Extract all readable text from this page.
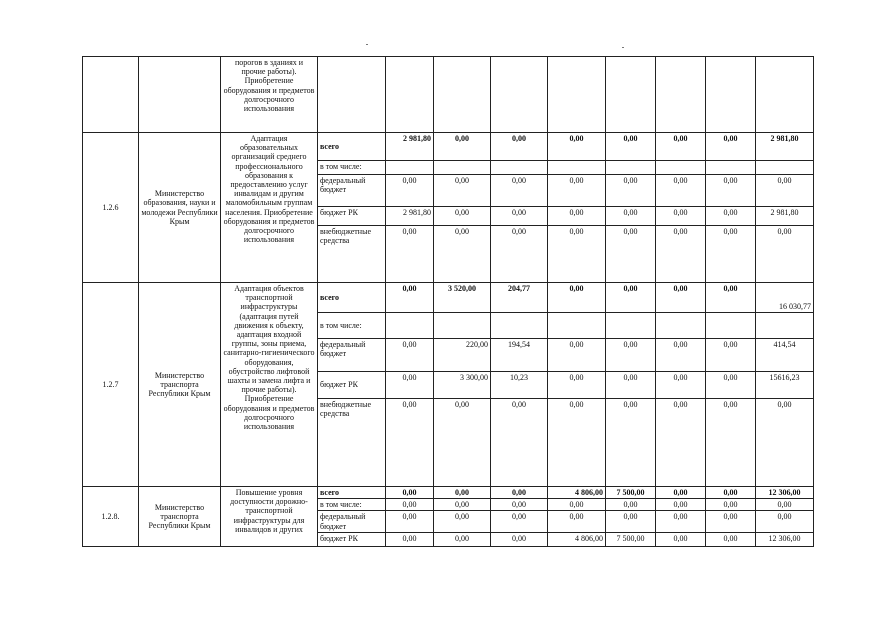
		порогов в зданиях и прочие работы). Приобретение оборудования и предметов долгосрочного использования									
1.2.6	Министерство образования, науки и молодежи Республики Крым	Адаптация образовательных организаций среднего профессионального образования к предоставлению услуг инвалидам и другим маломобильным группам населения. Приобретение оборудования и предметов долгосрочного использования	всего	2 981,80	0,00	0,00	0,00	0,00	0,00	0,00	2 981,80
			в том числе:								
			федеральный бюджет	0,00	0,00	0,00	0,00	0,00	0,00	0,00	0,00
			бюджет РК	2 981,80	0,00	0,00	0,00	0,00	0,00	0,00	2 981,80
			внебюджетные средства	0,00	0,00	0,00	0,00	0,00	0,00	0,00	0,00
1.2.7	Министерство транспорта Республики Крым	Адаптация объектов транспортной инфраструктуры (адаптация путей движения к объекту, адаптация входной группы, зоны приема, санитарно-гигиенического оборудования, обустройство лифтовой шахты и замена лифта и прочие работы). Приобретение оборудования и предметов долгосрочного использования	всего	0,00	3 520,00	204,77	0,00	0,00	0,00	0,00	16 030,77
			в том числе:								
			федеральный бюджет	0,00	220,00	194,54	0,00	0,00	0,00	0,00	414,54
			бюджет РК	0,00	3 300,00	10,23	0,00	0,00	0,00	0,00	15616,23
			внебюджетные средства	0,00	0,00	0,00	0,00	0,00	0,00	0,00	0,00
1.2.8.	Министерство транспорта Республики Крым	Повышение уровня доступности дорожно-транспортной инфраструктуры для инвалидов и других	всего	0,00	0,00	0,00	4 806,00	7 500,00	0,00	0,00	12 306,00
			в том числе:	0,00	0,00	0,00	0,00	0,00	0,00	0,00	0,00
			федеральный бюджет	0,00	0,00	0,00	0,00	0,00	0,00	0,00	0,00
			бюджет РК	0,00	0,00	0,00	4 806,00	7 500,00	0,00	0,00	12 306,00
